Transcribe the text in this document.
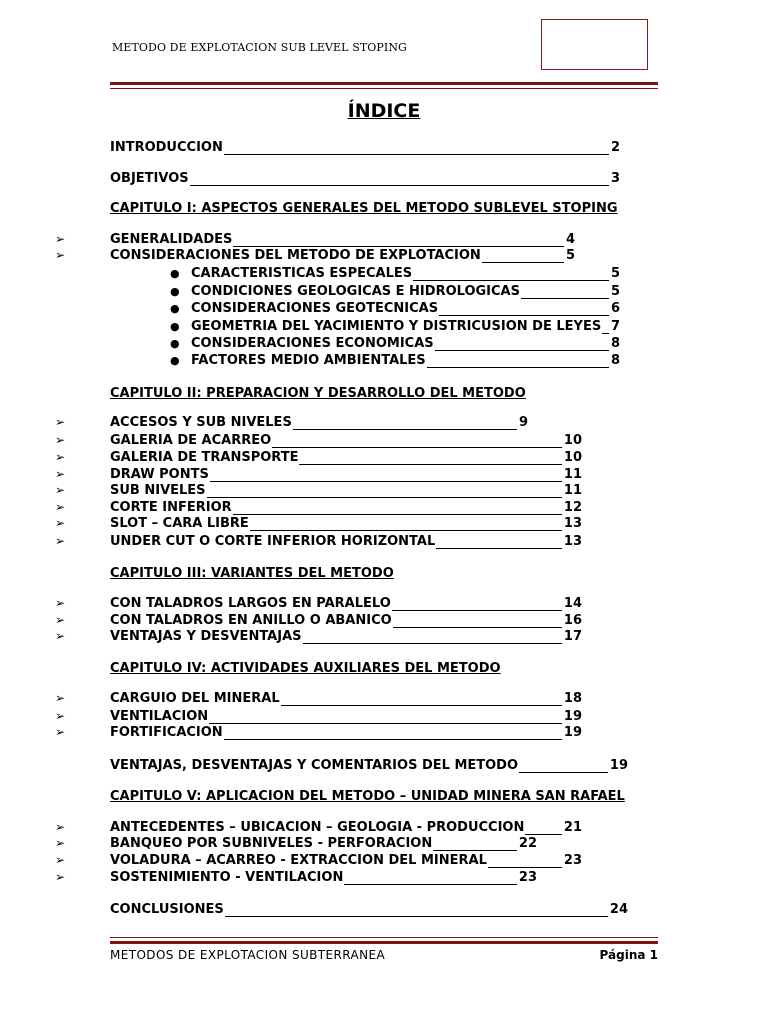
METODO DE EXPLOTACION SUB LEVEL STOPING
ÍNDICE
INTRODUCCIÓN	2
OBJETIVOS	3
CAPITULO I: ASPECTOS GENERALES DEL METODO SUBLEVEL STOPING
➢	GENERALIDADES	4
➢	CONSIDERACIONES DEL METODO DE EXPLOTACION	5
● CARACTERISTICAS ESPECALES	5
● CONDICIONES GEOLOGICAS E HIDROLOGICAS	5
● CONSIDERACIONES GEOTECNICAS	6
● GEOMETRIA DEL YACIMIENTO Y DISTRICUSION DE LEYES 7
● CONSIDERACIONES ECONOMICAS	8
● FACTORES MEDIO AMBIENTALES	8
CAPITULO II: PREPARACION Y DESARROLLO DEL METODO
➢	ACCESOS Y SUB NIVELES	9
➢	GALERIA DE ACARREO	10
➢	GALERIA DE TRANSPORTE	10
➢	DRAW PONTS	11
➢	SUB NIVELES	11
➢	CORTE INFERIOR	12
➢	SLOT – CARA LIBRE	13
➢	UNDER CUT O CORTE INFERIOR HORIZONTAL	13
CAPITULO III: VARIANTES DEL METODO
➢	CON TALADROS LARGOS EN PARALELO	14
➢	CON TALADROS EN ANILLO O ABANICO	16
➢	VENTAJAS Y DESVENTAJAS	17
CAPITULO IV: ACTIVIDADES AUXILIARES DEL METODO
➢	CARGUIO DEL MINERAL	18
➢	VENTILACION	19
➢	FORTIFICACION	19
VENTAJAS, DESVENTAJAS Y COMENTARIOS DEL METODO	19
CAPITULO V: APLICACION DEL METODO – UNIDAD MINERA SAN RAFAEL
➢	ANTECEDENTES – UBICACIÓN – GEOLOGIA - PRODUCCION	21
➢	BANQUEO POR SUBNIVELES - PERFORACION	22
➢	VOLADURA – ACARREO - EXTRACCION DEL MINERAL	23
➢	SOSTENIMIENTO - VENTILACION	23
CONCLUSIONES	24
METODOS DE EXPLOTACION SUBTERRANEA	Página 1
